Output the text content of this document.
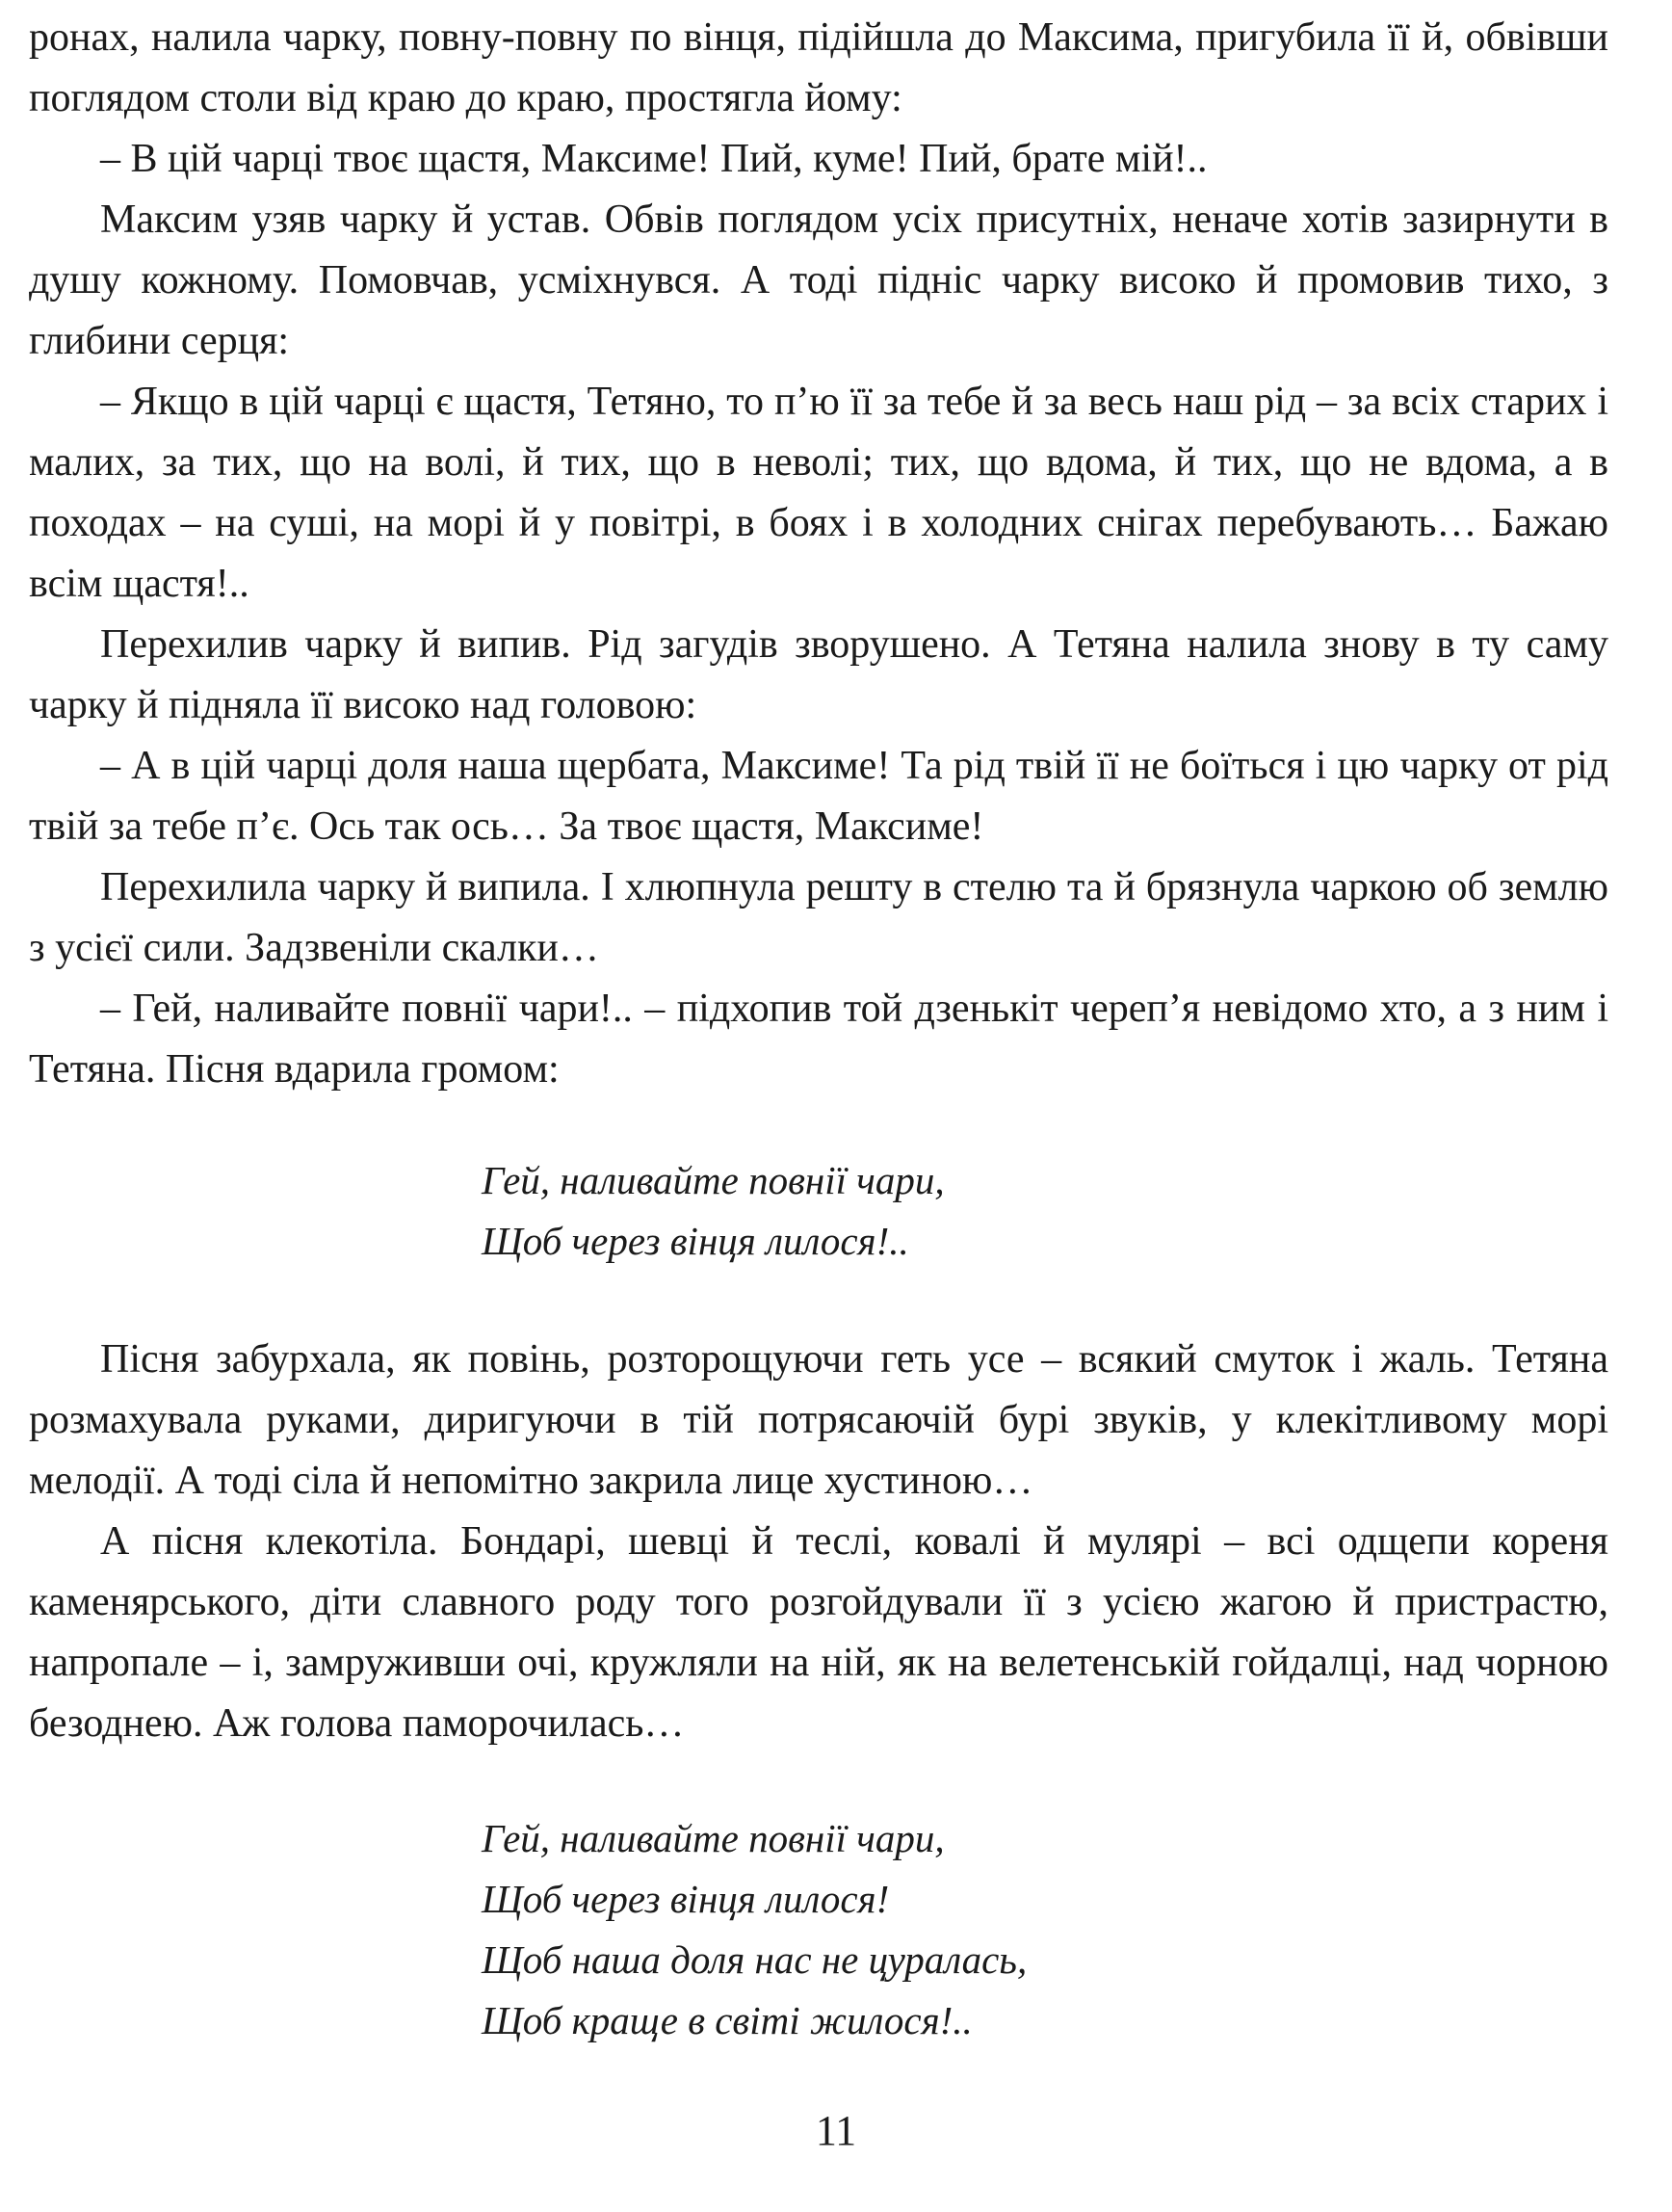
ронах, налила чарку, повну-повну по вінця, підійшла до Максима, пригубила її й, обвівши поглядом столи від краю до краю, простягла йому:

– В цій чарці твоє щастя, Максиме! Пий, куме! Пий, брате мій!..

Максим узяв чарку й устав. Обвів поглядом усіх присутніх, неначе хотів зазирнути в душу кожному. Помовчав, усміхнувся. А тоді підніс чарку високо й промовив тихо, з глибини серця:

– Якщо в цій чарці є щастя, Тетяно, то п’ю її за тебе й за весь наш рід – за всіх старих і малих, за тих, що на волі, й тих, що в неволі; тих, що вдома, й тих, що не вдома, а в походах – на суші, на морі й у повітрі, в боях і в холодних снігах перебувають… Бажаю всім щастя!..

Перехилив чарку й випив. Рід загудів зворушено. А Тетяна налила знову в ту саму чарку й підняла її високо над головою:

– А в цій чарці доля наша щербата, Максиме! Та рід твій її не боїться і цю чарку от рід твій за тебе п’є. Ось так ось… За твоє щастя, Максиме!

Перехилила чарку й випила. І хлюпнула решту в стелю та й брязнула чаркою об землю з усієї сили. Задзвеніли скалки…

– Гей, наливайте повнії чари!.. – підхопив той дзенькіт череп’я невідомо хто, а з ним і Тетяна. Пісня вдарила громом:

Гей, наливайте повнії чари,
Щоб через вінця лилося!..

Пісня забурхала, як повінь, розторощуючи геть усе – всякий смуток і жаль. Тетяна розмахувала руками, диригуючи в тій потрясаючій бурі звуків, у клекітливому морі мелодії. А тоді сіла й непомітно закрила лице хустиною…

А пісня клекотіла. Бондарі, шевці й теслі, ковалі й мулярі – всі одщепи кореня каменярського, діти славного роду того розгойдували її з усією жагою й пристрастю, напропале – і, замруживши очі, кружляли на ній, як на велетенській гойдалці, над чорною безоднею. Аж голова паморочилась…

Гей, наливайте повнії чари,
Щоб через вінця лилося!
Щоб наша доля нас не цуралась,
Щоб краще в світі жилося!..
11
